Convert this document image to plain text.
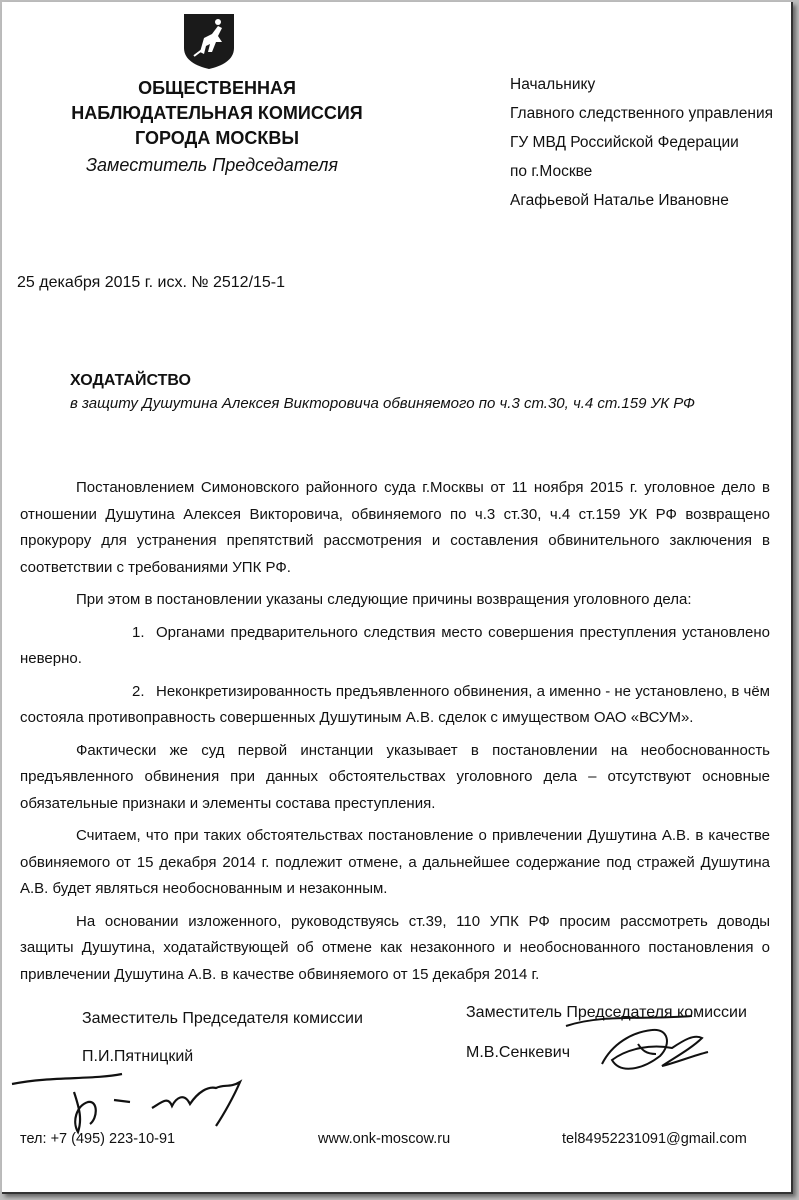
ОБЩЕСТВЕННАЯ
НАБЛЮДАТЕЛЬНАЯ КОМИССИЯ
ГОРОДА МОСКВЫ
Заместитель Председателя
Начальнику
Главного следственного управления
ГУ МВД Российской Федерации
по г.Москве
Агафьевой Наталье Ивановне
25 декабря 2015 г. исх. № 2512/15-1
ХОДАТАЙСТВО
в защиту Душутина Алексея Викторовича обвиняемого по ч.3 ст.30, ч.4 ст.159 УК РФ

Постановлением Симоновского районного суда г.Москвы от 11 ноября 2015 г. уголовное дело в отношении Душутина Алексея Викторовича, обвиняемого по ч.3 ст.30, ч.4 ст.159 УК РФ возвращено прокурору для устранения препятствий рассмотрения и составления обвинительного заключения в соответствии с требованиями УПК РФ.

При этом в постановлении указаны следующие причины возвращения уголовного дела:

1. Органами предварительного следствия место совершения преступления установлено неверно.

2. Неконкретизированность предъявленного обвинения, а именно - не установлено, в чём состояла противоправность совершенных Душутиным А.В. сделок с имуществом ОАО «ВСУМ».

Фактически же суд первой инстанции указывает в постановлении на необоснованность предъявленного обвинения при данных обстоятельствах уголовного дела – отсутствуют основные обязательные признаки и элементы состава преступления.

Считаем, что при таких обстоятельствах постановление о привлечении Душутина А.В. в качестве обвиняемого от 15 декабря 2014 г. подлежит отмене, а дальнейшее содержание под стражей Душутина А.В. будет являться необоснованным и незаконным.

На основании изложенного, руководствуясь ст.39, 110 УПК РФ просим рассмотреть доводы защиты Душутина, ходатайствующей об отмене как незаконного и необоснованного постановления о привлечении Душутина А.В. в качестве обвиняемого от 15 декабря 2014 г.

Заместитель Председателя комиссии
П.И.Пятницкий
Заместитель Председателя комиссии
М.В.Сенкевич
тел: +7 (495) 223-10-91	www.onk-moscow.ru	tel84952231091@gmail.com
